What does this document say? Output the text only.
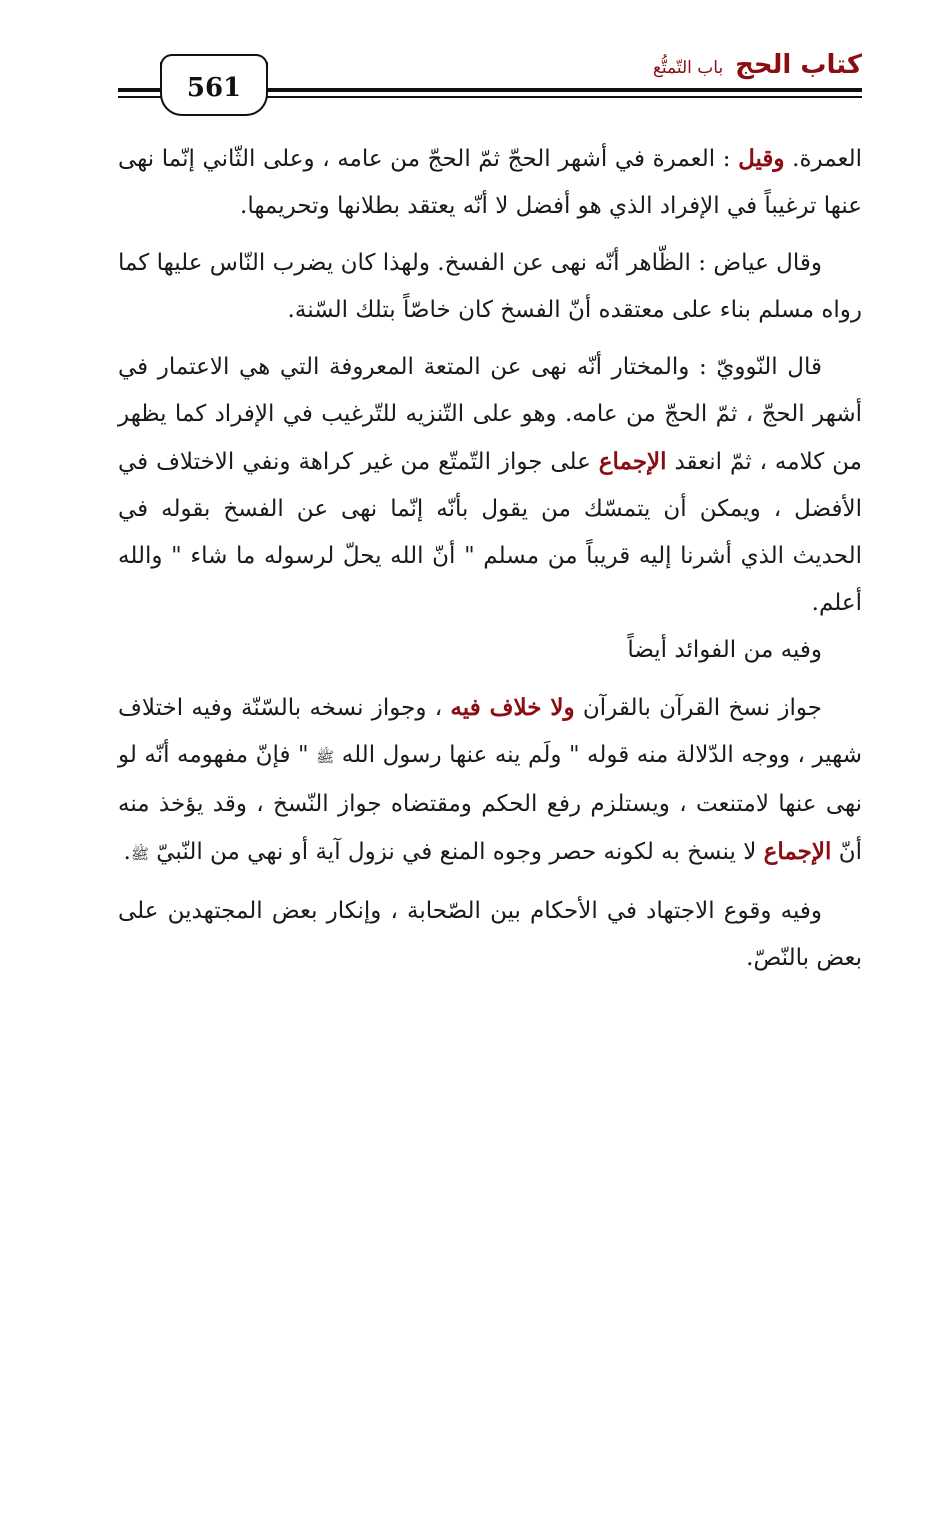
كتاب الحج
باب التّمتُّع
561

العمرة. وقيل : العمرة في أشهر الحجّ ثمّ الحجّ من عامه ، وعلى الثّاني إنّما نهى عنها ترغيباً في الإفراد الذي هو أفضل لا أنّه يعتقد بطلانها وتحريمها.

وقال عياض : الظّاهر أنّه نهى عن الفسخ. ولهذا كان يضرب النّاس عليها كما رواه مسلم بناء على معتقده أنّ الفسخ كان خاصّاً بتلك السّنة.

قال النّوويّ : والمختار أنّه نهى عن المتعة المعروفة التي هي الاعتمار في أشهر الحجّ ، ثمّ الحجّ من عامه. وهو على التّنزيه للتّرغيب في الإفراد كما يظهر من كلامه ، ثمّ انعقد الإجماع على جواز التّمتّع من غير كراهة ونفي الاختلاف في الأفضل ، ويمكن أن يتمسّك من يقول بأنّه إنّما نهى عن الفسخ بقوله في الحديث الذي أشرنا إليه قريباً من مسلم " أنّ الله يحلّ لرسوله ما شاء " والله أعلم.

وفيه من الفوائد أيضاً

جواز نسخ القرآن بالقرآن ولا خلاف فيه ، وجواز نسخه بالسّنّة وفيه اختلاف شهير ، ووجه الدّلالة منه قوله " ولَم ينه عنها رسول الله ﷺ " فإنّ مفهومه أنّه لو نهى عنها لامتنعت ، ويستلزم رفع الحكم ومقتضاه جواز النّسخ ، وقد يؤخذ منه أنّ الإجماع لا ينسخ به لكونه حصر وجوه المنع في نزول آية أو نهي من النّبيّ ﷺ.

وفيه وقوع الاجتهاد في الأحكام بين الصّحابة ، وإنكار بعض المجتهدين على بعض بالنّصّ.
